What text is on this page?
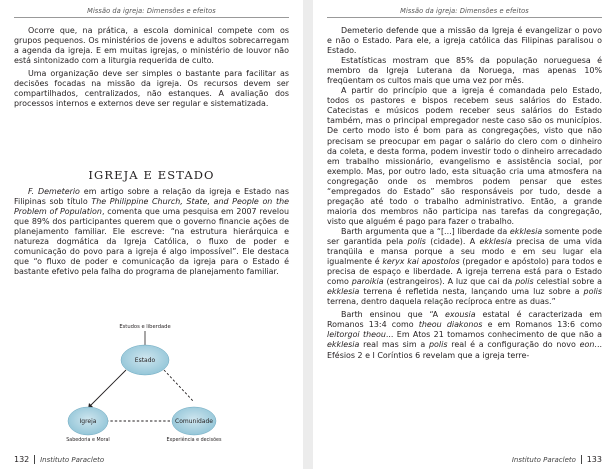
Missão da igreja: Dimensões e efeitos

Ocorre que, na prática, a escola dominical compete com os grupos pequenos. Os ministérios de jovens e adultos sobrecarregam a agenda da igreja. E em muitas igrejas, o ministério de louvor não está sintonizado com a liturgia requerida de culto.

Uma organização deve ser simples o bastante para facilitar as decisões focadas na missão da igreja. Os recursos devem ser compartilhados, centralizados, não estanques. A avaliação dos processos internos e externos deve ser regular e sistematizada.

IGREJA E ESTADO

F. Demeterio em artigo sobre a relação da igreja e Estado nas Filipinas sob título The Philippine Church, State, and People on the Problem of Population, comenta que uma pesquisa em 2007 revelou que 89% dos participantes querem que o governo financie ações de planejamento familiar. Ele escreve: “na estrutura hierárquica e natureza dogmática da Igreja Católica, o fluxo de poder e comunicação do povo para a igreja é algo impossível”. Ele destaca que “o fluxo de poder e comunicação da igreja para o Estado é bastante efetivo pela falha do programa de planejamento familiar.

Estudos e liberdade
Estado
Igreja	Comunidade
Sabedoria e Moral	Experiência e decisões
132 Instituto Paracleto
Missão da igreja: Dimensões e efeitos

Demeterio defende que a missão da Igreja é evangelizar o povo e não o Estado. Para ele, a igreja católica das Filipinas paralisou o Estado.

Estatísticas mostram que 85% da população norueguesa é membro da Igreja Luterana da Noruega, mas apenas 10% freqüentam os cultos mais que uma vez por mês.

A partir do princípio que a igreja é comandada pelo Estado, todos os pastores e bispos recebem seus salários do Estado. Catecistas e músicos podem receber seus salários do Estado também, mas o principal empregador neste caso são os municípios. De certo modo isto é bom para as congregações, visto que não precisam se preocupar em pagar o salário do clero com o dinheiro da coleta, e desta forma, podem investir todo o dinheiro arrecadado em trabalho missionário, evangelismo e assistência social, por exemplo. Mas, por outro lado, esta situação cria uma atmosfera na congregação onde os membros podem pensar que estes “empregados do Estado” são responsáveis por tudo, desde a pregação até todo o trabalho administrativo. Então, a grande maioria dos membros não participa nas tarefas da congregação, visto que alguém é pago para fazer o trabalho.

Barth argumenta que a “[...] liberdade da ekklesia somente pode ser garantida pela polis (cidade). A ekklesia precisa de uma vida tranqüila e mansa porque a seu modo e em seu lugar ela igualmente é keryx kai apostolos (pregador e apóstolo) para todos e precisa de espaço e liberdade. A igreja terrena está para o Estado como paroikia (estrangeiros). A luz que cai da polis celestial sobre a ekklesia terrena é refletida nesta, lançando uma luz sobre a polis terrena, dentro daquela relação recíproca entre as duas.”

Barth ensinou que “A exousia estatal é caracterizada em Romanos 13:4 como theou diakonos e em Romanos 13:6 como leitorgoi theou... Em Atos 21 tomamos conhecimento de que não a ekklesia real mas sim a polis real é a configuração do novo eon... Efésios 2 e I Coríntios 6 revelam que a igreja terre-

Instituto Paracleto 133
